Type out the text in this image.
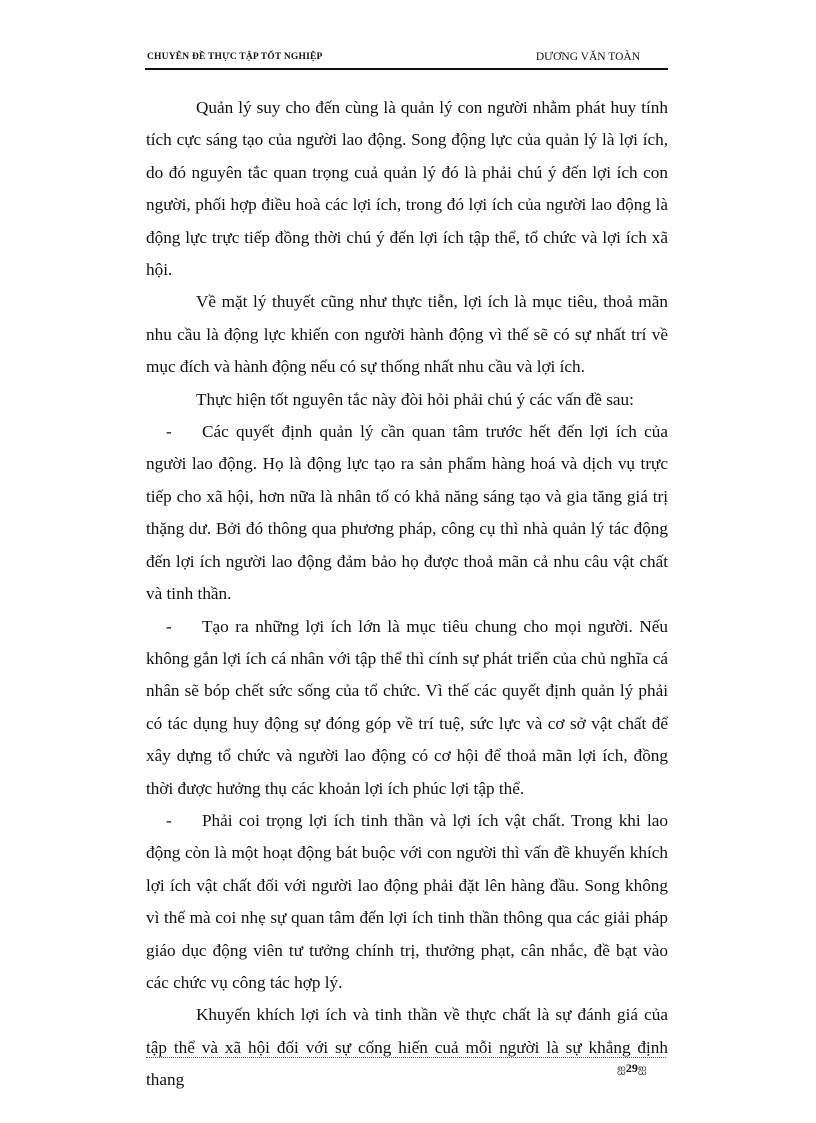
CHUYÊN ĐỀ THỰC TẬP TỐT NGHIỆP	DƯƠNG VĂN TOÀN

Quản lý suy cho đến cùng là quản lý con người nhằm phát huy tính tích cực sáng tạo của người lao động. Song động lực của quản lý là lợi ích, do đó nguyên tắc quan trọng cuả quản lý đó là phải chú ý đến lợi ích con người, phối hợp điều hoà các lợi ích, trong đó lợi ích của người lao động là động lực trực tiếp đồng thời chú ý đến lợi ích tập thể, tổ chức và lợi ích xã hội.

Về mặt lý thuyết cũng như thực tiễn, lợi ích là mục tiêu, thoả mãn nhu cầu là động lực khiến con người hành động vì thế sẽ có sự nhất trí về mục đích và hành động nếu có sự thống nhất nhu cầu và lợi ích.

Thực hiện tốt nguyên tắc này đòi hỏi phải chú ý các vấn đề sau:

- Các quyết định quản lý cần quan tâm trước hết đến lợi ích của người lao động. Họ là động lực tạo ra sản phẩm hàng hoá và dịch vụ trực tiếp cho xã hội, hơn nữa là nhân tố có khả năng sáng tạo và gia tăng giá trị thặng dư. Bởi đó thông qua phương pháp, công cụ thì nhà quản lý tác động đến lợi ích người lao động đảm bảo họ được thoả mãn cả nhu câu vật chất và tinh thần.

- Tạo ra những lợi ích lớn là mục tiêu chung cho mọi người. Nếu không gắn lợi ích cá nhân với tập thể thì cính sự phát triển của chủ nghĩa cá nhân sẽ bóp chết sức sống của tổ chức. Vì thế các quyết định quản lý phải có tác dụng huy động sự đóng góp về trí tuệ, sức lực và cơ sở vật chất để xây dựng tổ chức và người lao động có cơ hội để thoả mãn lợi ích, đồng thời được hưởng thụ các khoản lợi ích phúc lợi tập thể.

- Phải coi trọng lợi ích tinh thần và lợi ích vật chất. Trong khi lao động còn là một hoạt động bát buộc với con người thì vấn đề khuyến khích lợi ích vật chất đối với người lao động phải đặt lên hàng đầu. Song không vì thế mà coi nhẹ sự quan tâm đến lợi ích tinh thần thông qua các giải pháp giáo dục động viên tư tưởng chính trị, thưởng phạt, cân nhắc, đề bạt vào các chức vụ công tác hợp lý.

Khuyến khích lợi ích và tinh thần về thực chất là sự đánh giá của tập thể và xã hội đối với sự cống hiến cuả mỗi người là sự khẳng định thang

ஐ29ஐ
